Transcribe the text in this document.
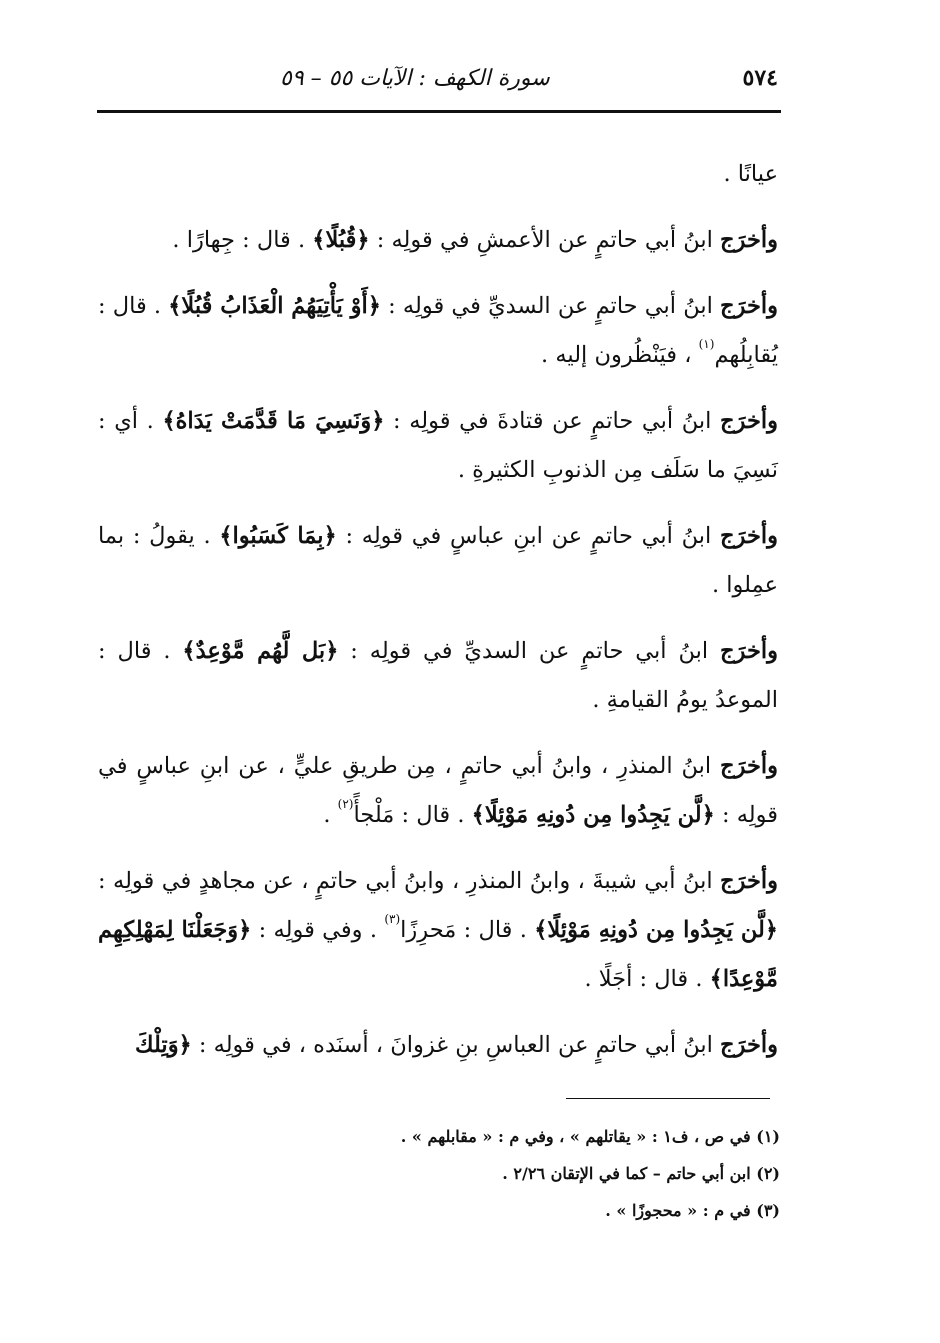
٥٧٤
سورة الكهف : الآيات ٥٥ – ٥٩

عيانًا .

وأخرَج ابنُ أبي حاتمٍ عن الأعمشِ في قولِه : ﴿قُبُلًا﴾ . قال : جِهارًا .

وأخرَج ابنُ أبي حاتمٍ عن السديِّ في قولِه : ﴿أَوْ يَأْتِيَهُمُ الْعَذَابُ قُبُلًا﴾ . قال : يُقابِلُهم$^{(١)}$ ، فيَنْظُرون إليه .

وأخرَج ابنُ أبي حاتمٍ عن قتادةَ في قولِه : ﴿وَنَسِيَ مَا قَدَّمَتْ يَدَاهُ﴾ . أي : نَسِيَ ما سَلَف مِن الذنوبِ الكثيرةِ .

وأخرَج ابنُ أبي حاتمٍ عن ابنِ عباسٍ في قولِه : ﴿بِمَا كَسَبُوا﴾ . يقولُ : بما عمِلوا .

وأخرَج ابنُ أبي حاتمٍ عن السديِّ في قولِه : ﴿بَل لَّهُم مَّوْعِدٌ﴾ . قال : الموعدُ يومُ القيامةِ .

وأخرَج ابنُ المنذرِ ، وابنُ أبي حاتمٍ ، مِن طريقِ عليٍّ ، عن ابنِ عباسٍ في قولِه : ﴿لَّن يَجِدُوا مِن دُونِهِ مَوْئِلًا﴾ . قال : مَلْجأً$^{(٢)}$ .

وأخرَج ابنُ أبي شيبةَ ، وابنُ المنذرِ ، وابنُ أبي حاتمٍ ، عن مجاهدٍ في قولِه : ﴿لَّن يَجِدُوا مِن دُونِهِ مَوْئِلًا﴾ . قال : مَحرِزًا$^{(٣)}$ . وفي قولِه : ﴿وَجَعَلْنَا لِمَهْلِكِهِم مَّوْعِدًا﴾ . قال : أجَلًا .

وأخرَج ابنُ أبي حاتمٍ عن العباسِ بنِ غزوانَ ، أسنَده ، في قولِه : ﴿وَتِلْكَ

(١) في ص ، ف١ : « يقاتلهم » ، وفي م : « مقابلهم » .
(٢) ابن أبي حاتم – كما في الإتقان ٢/٢٦ .
(٣) في م : « محجوزًا » .
